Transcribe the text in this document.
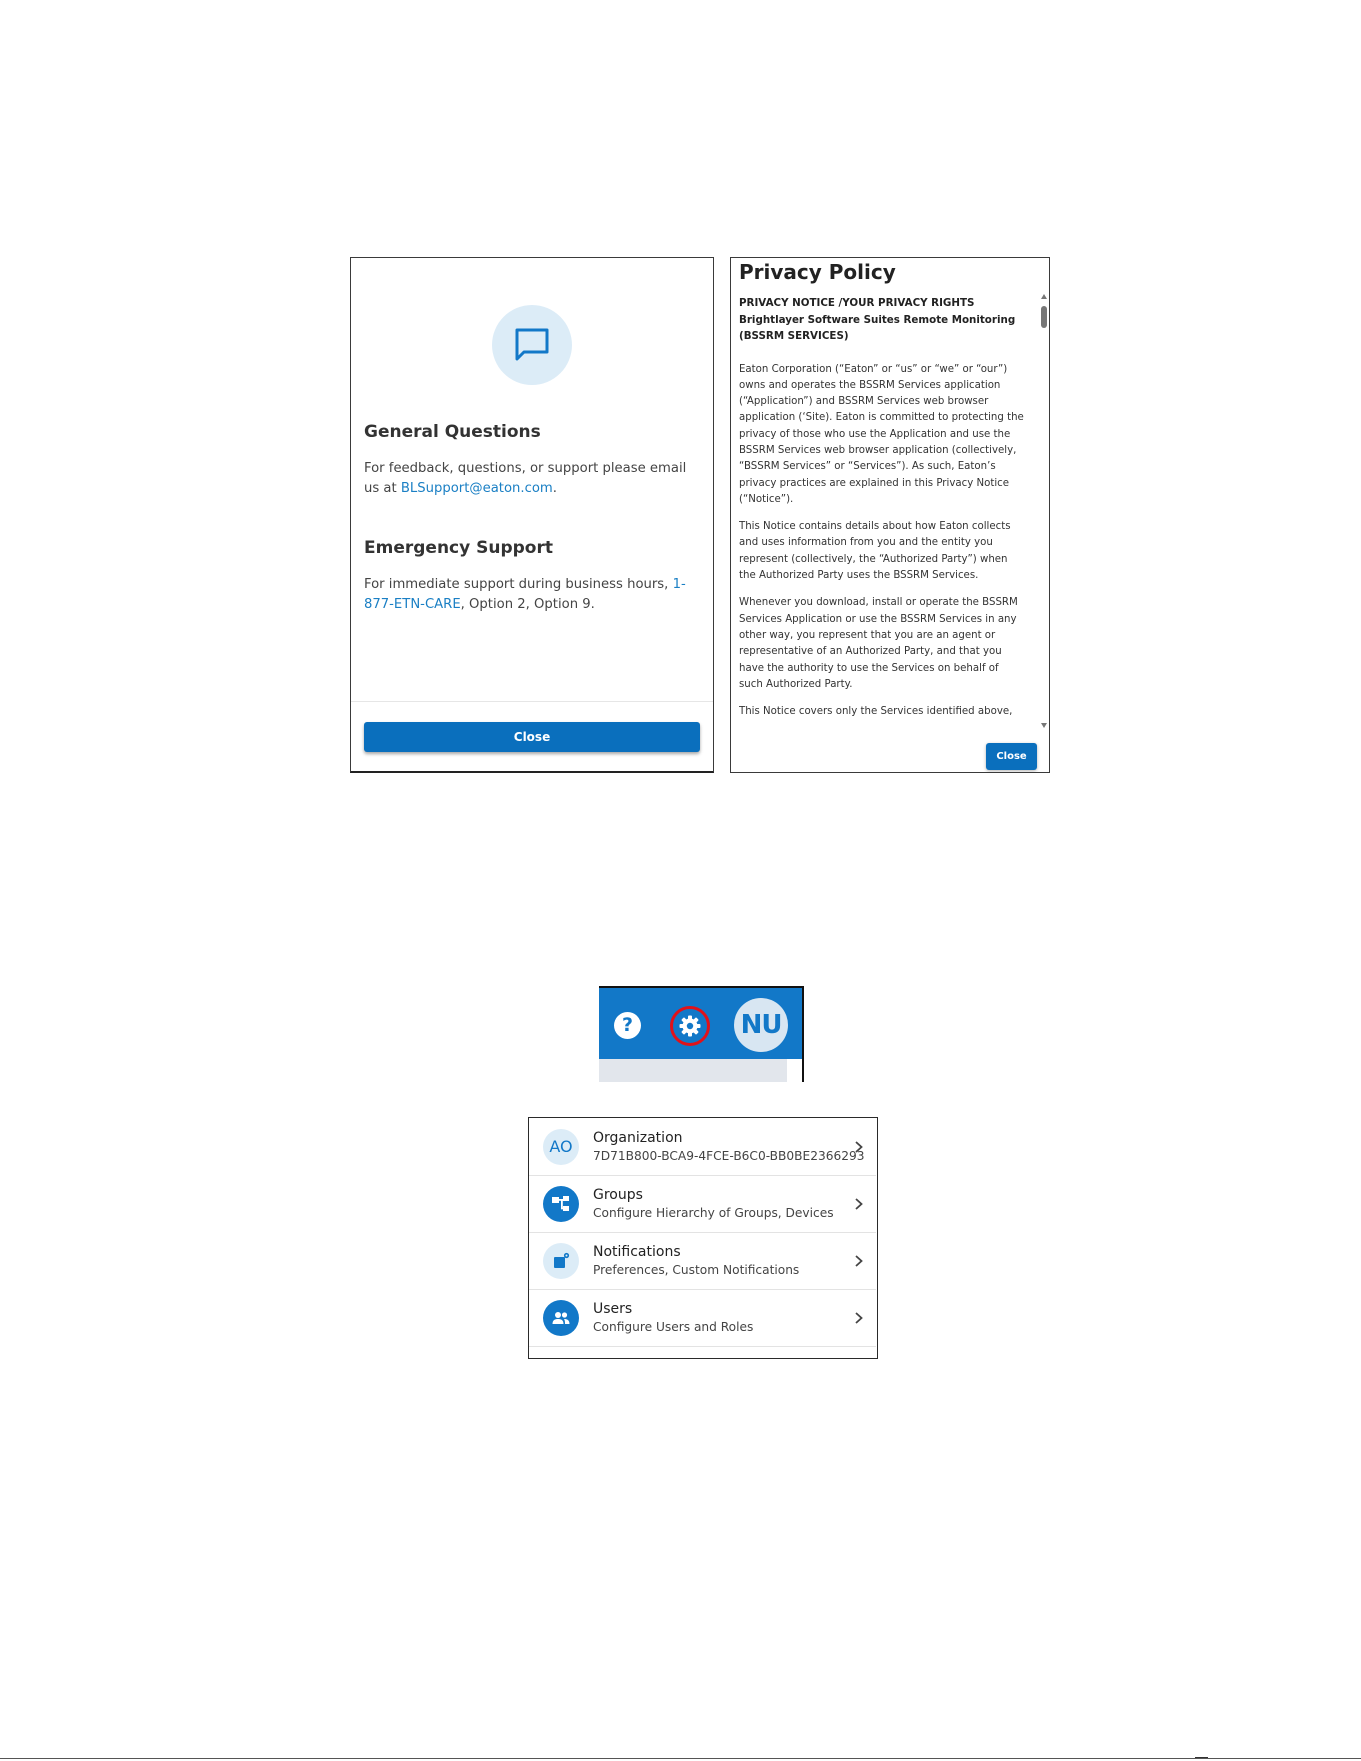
General Questions
For feedback, questions, or support please email us at BLSupport@eaton.com.
Emergency Support
For immediate support during business hours, 1-877-ETN-CARE, Option 2, Option 9.
Close
Privacy Policy

PRIVACY NOTICE /YOUR PRIVACY RIGHTS
Brightlayer Software Suites Remote Monitoring
(BSSRM SERVICES)

Eaton Corporation (“Eaton” or “us” or “we” or “our”) owns and operates the BSSRM Services application (“Application”) and BSSRM Services web browser application (‘Site). Eaton is committed to protecting the privacy of those who use the Application and use the BSSRM Services web browser application (collectively, “BSSRM Services” or “Services”). As such, Eaton’s privacy practices are explained in this Privacy Notice (“Notice”).

This Notice contains details about how Eaton collects and uses information from you and the entity you represent (collectively, the “Authorized Party”) when the Authorized Party uses the BSSRM Services.

Whenever you download, install or operate the BSSRM Services Application or use the BSSRM Services in any other way, you represent that you are an agent or representative of an Authorized Party, and that you have the authority to use the Services on behalf of such Authorized Party.

This Notice covers only the Services identified above,

Close
?	NU
AO	Organization
7D71B800-BCA9-4FCE-B6C0-BB0BE2366293
Groups
Configure Hierarchy of Groups, Devices
Notifications
Preferences, Custom Notifications
Users
Configure Users and Roles
